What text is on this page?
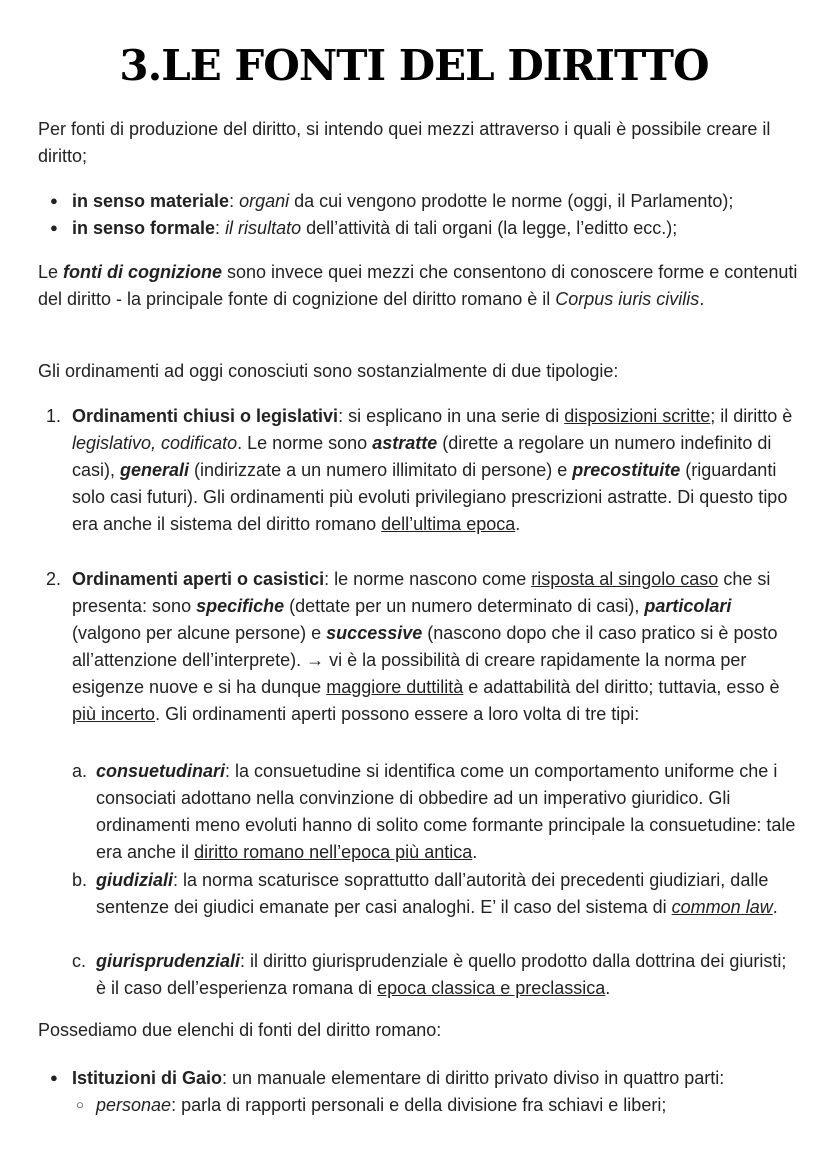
3.LE FONTI DEL DIRITTO

Per fonti di produzione del diritto, si intendo quei mezzi attraverso i quali è possibile creare il diritto;

●

in senso materiale: organi da cui vengono prodotte le norme (oggi, il Parlamento);

●

in senso formale: il risultato dell’attività di tali organi (la legge, l’editto ecc.);

Le fonti di cognizione sono invece quei mezzi che consentono di conoscere forme e contenuti del diritto - la principale fonte di cognizione del diritto romano è il Corpus iuris civilis.

Gli ordinamenti ad oggi conosciuti sono sostanzialmente di due tipologie:

1. Ordinamenti chiusi o legislativi: si esplicano in una serie di disposizioni scritte; il diritto è legislativo, codificato. Le norme sono astratte (dirette a regolare un numero indefinito di casi), generali (indirizzate a un numero illimitato di persone) e precostituite (riguardanti solo casi futuri). Gli ordinamenti più evoluti privilegiano prescrizioni astratte. Di questo tipo era anche il sistema del diritto romano dell’ultima epoca.

2. Ordinamenti aperti o casistici: le norme nascono come risposta al singolo caso che si presenta: sono specifiche (dettate per un numero determinato di casi), particolari (valgono per alcune persone) e successive (nascono dopo che il caso pratico si è posto all’attenzione dell’interprete). → vi è la possibilità di creare rapidamente la norma per esigenze nuove e si ha dunque maggiore duttilità e adattabilità del diritto; tuttavia, esso è più incerto. Gli ordinamenti aperti possono essere a loro volta di tre tipi:

a. consuetudinari: la consuetudine si identifica come un comportamento uniforme che i consociati adottano nella convinzione di obbedire ad un imperativo giuridico. Gli ordinamenti meno evoluti hanno di solito come formante principale la consuetudine: tale era anche il diritto romano nell’epoca più antica.

b. giudiziali: la norma scaturisce soprattutto dall’autorità dei precedenti giudiziari, dalle sentenze dei giudici emanate per casi analoghi. E’ il caso del sistema di common law.

c. giurisprudenziali: il diritto giurisprudenziale è quello prodotto dalla dottrina dei giuristi; è il caso dell’esperienza romana di epoca classica e preclassica.

Possediamo due elenchi di fonti del diritto romano:

●

Istituzioni di Gaio: un manuale elementare di diritto privato diviso in quattro parti:

○

personae: parla di rapporti personali e della divisione fra schiavi e liberi;
